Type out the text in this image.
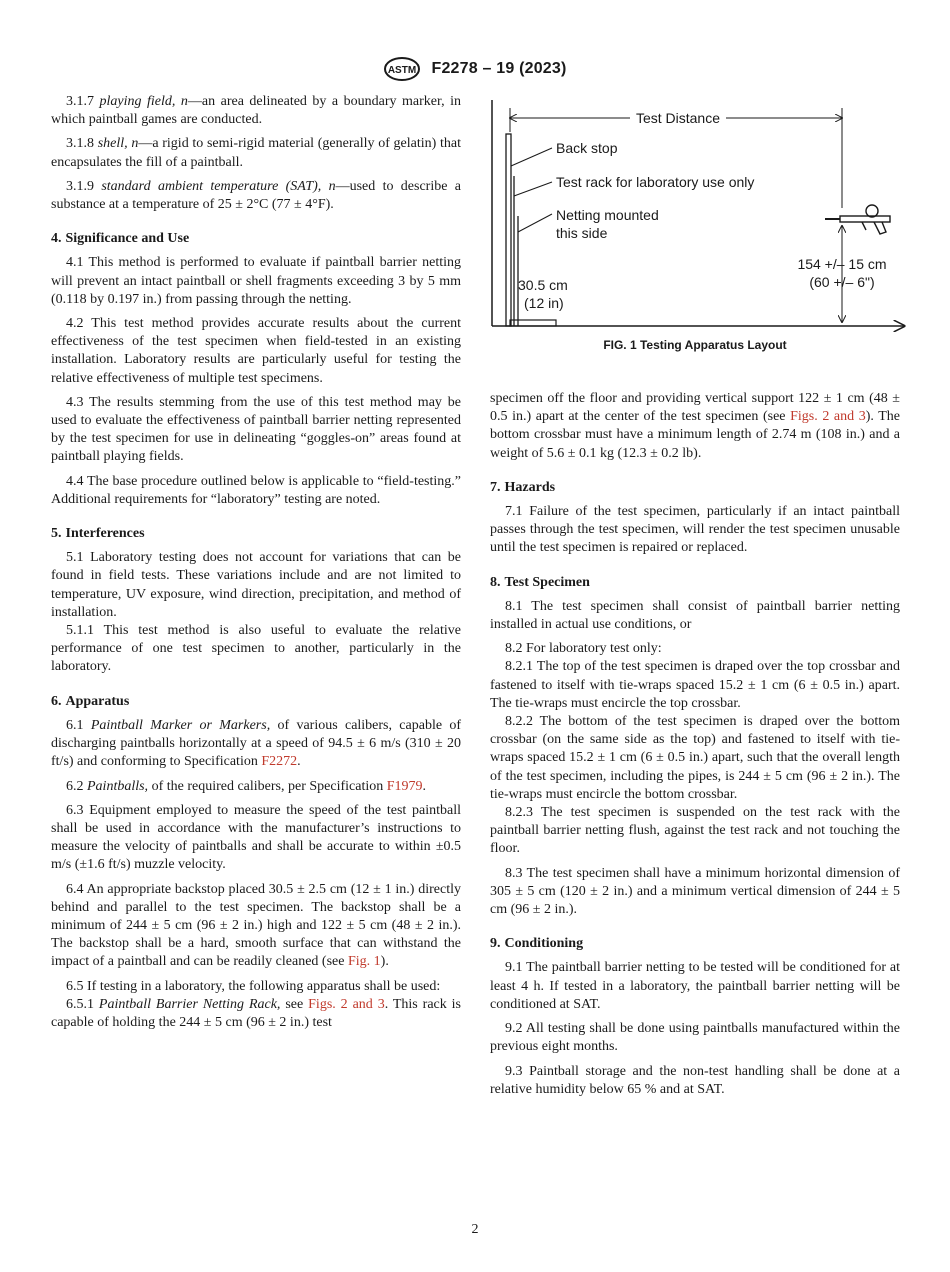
ASTM F2278 – 19 (2023)

3.1.7 playing field, n—an area delineated by a boundary marker, in which paintball games are conducted.

3.1.8 shell, n—a rigid to semi-rigid material (generally of gelatin) that encapsulates the fill of a paintball.

3.1.9 standard ambient temperature (SAT), n—used to describe a substance at a temperature of 25 ± 2°C (77 ± 4°F).

4. Significance and Use

4.1 This method is performed to evaluate if paintball barrier netting will prevent an intact paintball or shell fragments exceeding 3 by 5 mm (0.118 by 0.197 in.) from passing through the netting.

4.2 This test method provides accurate results about the current effectiveness of the test specimen when field-tested in an existing installation. Laboratory results are particularly useful for testing the relative effectiveness of multiple test specimens.

4.3 The results stemming from the use of this test method may be used to evaluate the effectiveness of paintball barrier netting represented by the test specimen for use in delineating “goggles-on” areas found at paintball playing fields.

4.4 The base procedure outlined below is applicable to “field-testing.” Additional requirements for “laboratory” testing are noted.

5. Interferences

5.1 Laboratory testing does not account for variations that can be found in field tests. These variations include and are not limited to temperature, UV exposure, wind direction, precipitation, and method of installation.

5.1.1 This test method is also useful to evaluate the relative performance of one test specimen to another, particularly in the laboratory.

6. Apparatus

6.1 Paintball Marker or Markers, of various calibers, capable of discharging paintballs horizontally at a speed of 94.5 ± 6 m/s (310 ± 20 ft/s) and conforming to Specification F2272.

6.2 Paintballs, of the required calibers, per Specification F1979.

6.3 Equipment employed to measure the speed of the test paintball shall be used in accordance with the manufacturer’s instructions to measure the velocity of paintballs and shall be accurate to within ±0.5 m/s (±1.6 ft/s) muzzle velocity.

6.4 An appropriate backstop placed 30.5 ± 2.5 cm (12 ± 1 in.) directly behind and parallel to the test specimen. The backstop shall be a minimum of 244 ± 5 cm (96 ± 2 in.) high and 122 ± 5 cm (48 ± 2 in.). The backstop shall be a hard, smooth surface that can withstand the impact of a paintball and can be readily cleaned (see Fig. 1).

6.5 If testing in a laboratory, the following apparatus shall be used:

6.5.1 Paintball Barrier Netting Rack, see Figs. 2 and 3. This rack is capable of holding the 244 ± 5 cm (96 ± 2 in.) test

Test Distance
Back stop
Test rack for laboratory use only
Netting mounted
this side
30.5 cm
(12 in)
154 +/– 15 cm
(60 +/– 6")
FIG. 1 Testing Apparatus Layout

specimen off the floor and providing vertical support 122 ± 1 cm (48 ± 0.5 in.) apart at the center of the test specimen (see Figs. 2 and 3). The bottom crossbar must have a minimum length of 2.74 m (108 in.) and a weight of 5.6 ± 0.1 kg (12.3 ± 0.2 lb).

7. Hazards

7.1 Failure of the test specimen, particularly if an intact paintball passes through the test specimen, will render the test specimen unusable until the test specimen is repaired or replaced.

8. Test Specimen

8.1 The test specimen shall consist of paintball barrier netting installed in actual use conditions, or

8.2 For laboratory test only:

8.2.1 The top of the test specimen is draped over the top crossbar and fastened to itself with tie-wraps spaced 15.2 ± 1 cm (6 ± 0.5 in.) apart. The tie-wraps must encircle the top crossbar.

8.2.2 The bottom of the test specimen is draped over the bottom crossbar (on the same side as the top) and fastened to itself with tie-wraps spaced 15.2 ± 1 cm (6 ± 0.5 in.) apart, such that the overall length of the test specimen, including the pipes, is 244 ± 5 cm (96 ± 2 in.). The tie-wraps must encircle the bottom crossbar.

8.2.3 The test specimen is suspended on the test rack with the paintball barrier netting flush, against the test rack and not touching the floor.

8.3 The test specimen shall have a minimum horizontal dimension of 305 ± 5 cm (120 ± 2 in.) and a minimum vertical dimension of 244 ± 5 cm (96 ± 2 in.).

9. Conditioning

9.1 The paintball barrier netting to be tested will be conditioned for at least 4 h. If tested in a laboratory, the paintball barrier netting will be conditioned at SAT.

9.2 All testing shall be done using paintballs manufactured within the previous eight months.

9.3 Paintball storage and the non-test handling shall be done at a relative humidity below 65 % and at SAT.

2
